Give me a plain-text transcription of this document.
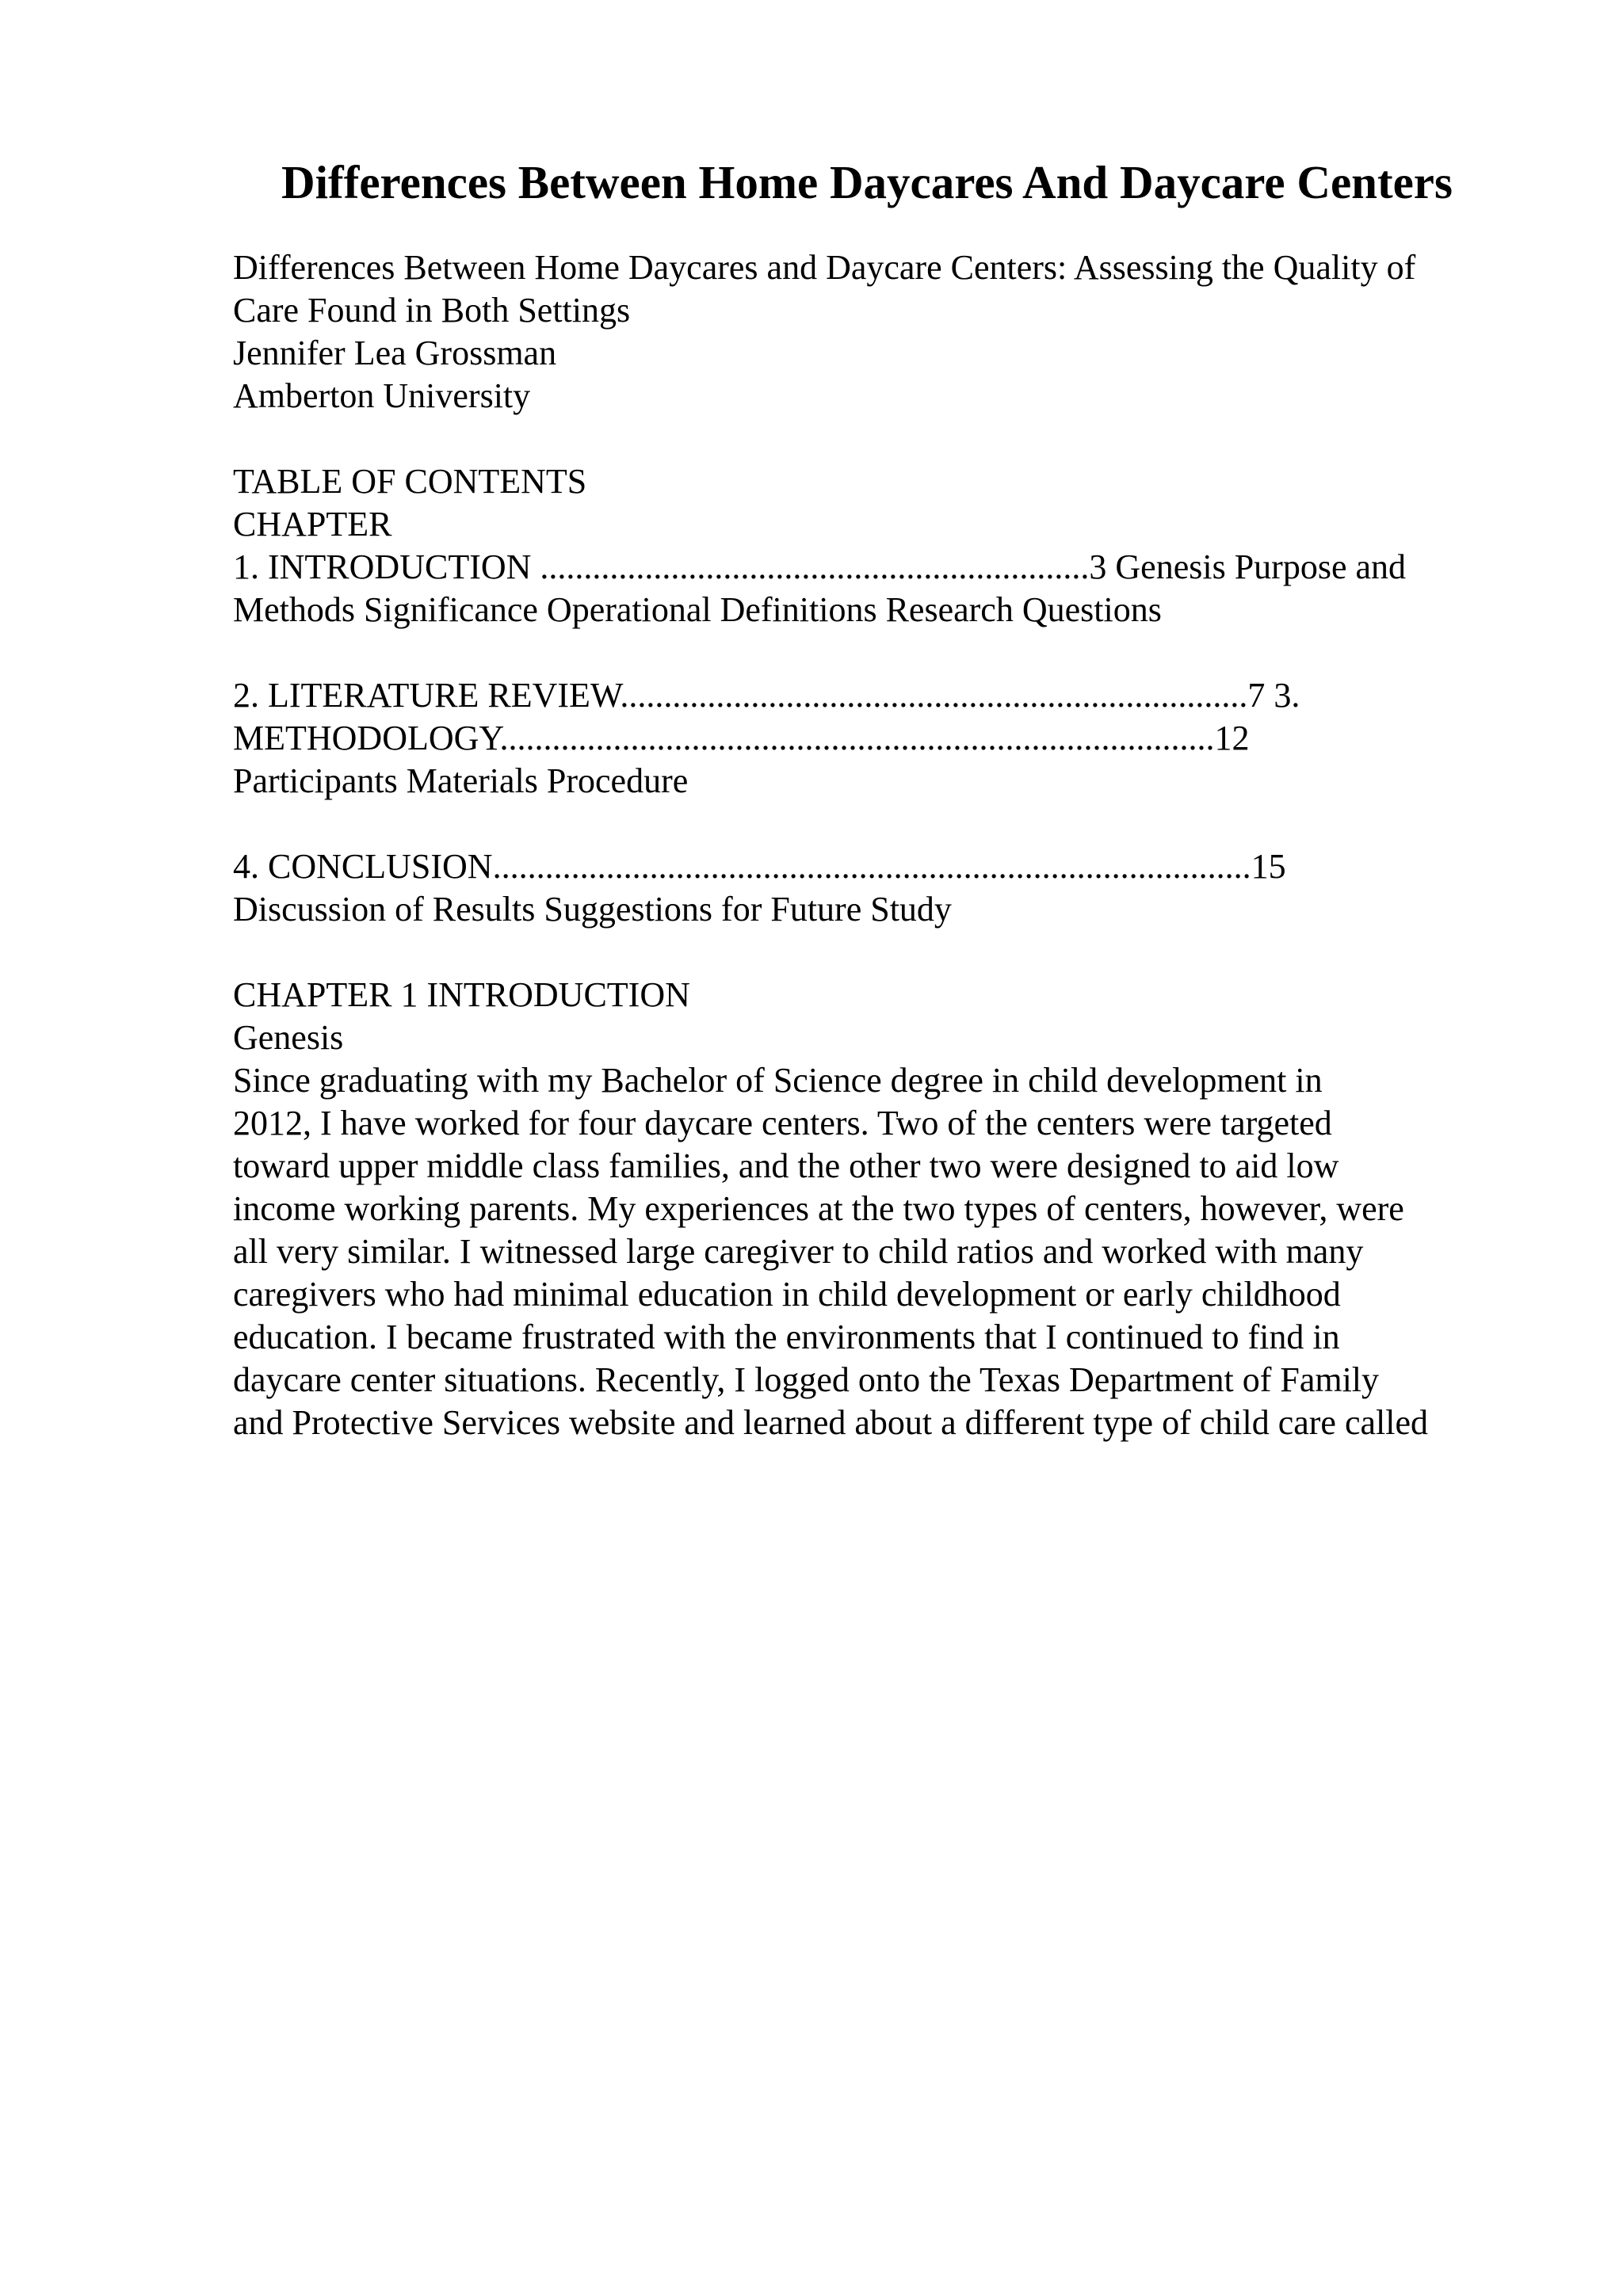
Differences Between Home Daycares And Daycare Centers
Differences Between Home Daycares and Daycare Centers: Assessing the Quality of
Care Found in Both Settings
Jennifer Lea Grossman
Amberton University
TABLE OF CONTENTS
CHAPTER
1. INTRODUCTION ...............................................................3 Genesis Purpose and
Methods Significance Operational Definitions Research Questions
2. LITERATURE REVIEW........................................................................7 3.
METHODOLOGY..................................................................................12
Participants Materials Procedure
4. CONCLUSION.......................................................................................15
Discussion of Results Suggestions for Future Study
CHAPTER 1 INTRODUCTION
Genesis
Since graduating with my Bachelor of Science degree in child development in
2012, I have worked for four daycare centers. Two of the centers were targeted
toward upper middle class families, and the other two were designed to aid low
income working parents. My experiences at the two types of centers, however, were
all very similar. I witnessed large caregiver to child ratios and worked with many
caregivers who had minimal education in child development or early childhood
education. I became frustrated with the environments that I continued to find in
daycare center situations. Recently, I logged onto the Texas Department of Family
and Protective Services website and learned about a different type of child care called
